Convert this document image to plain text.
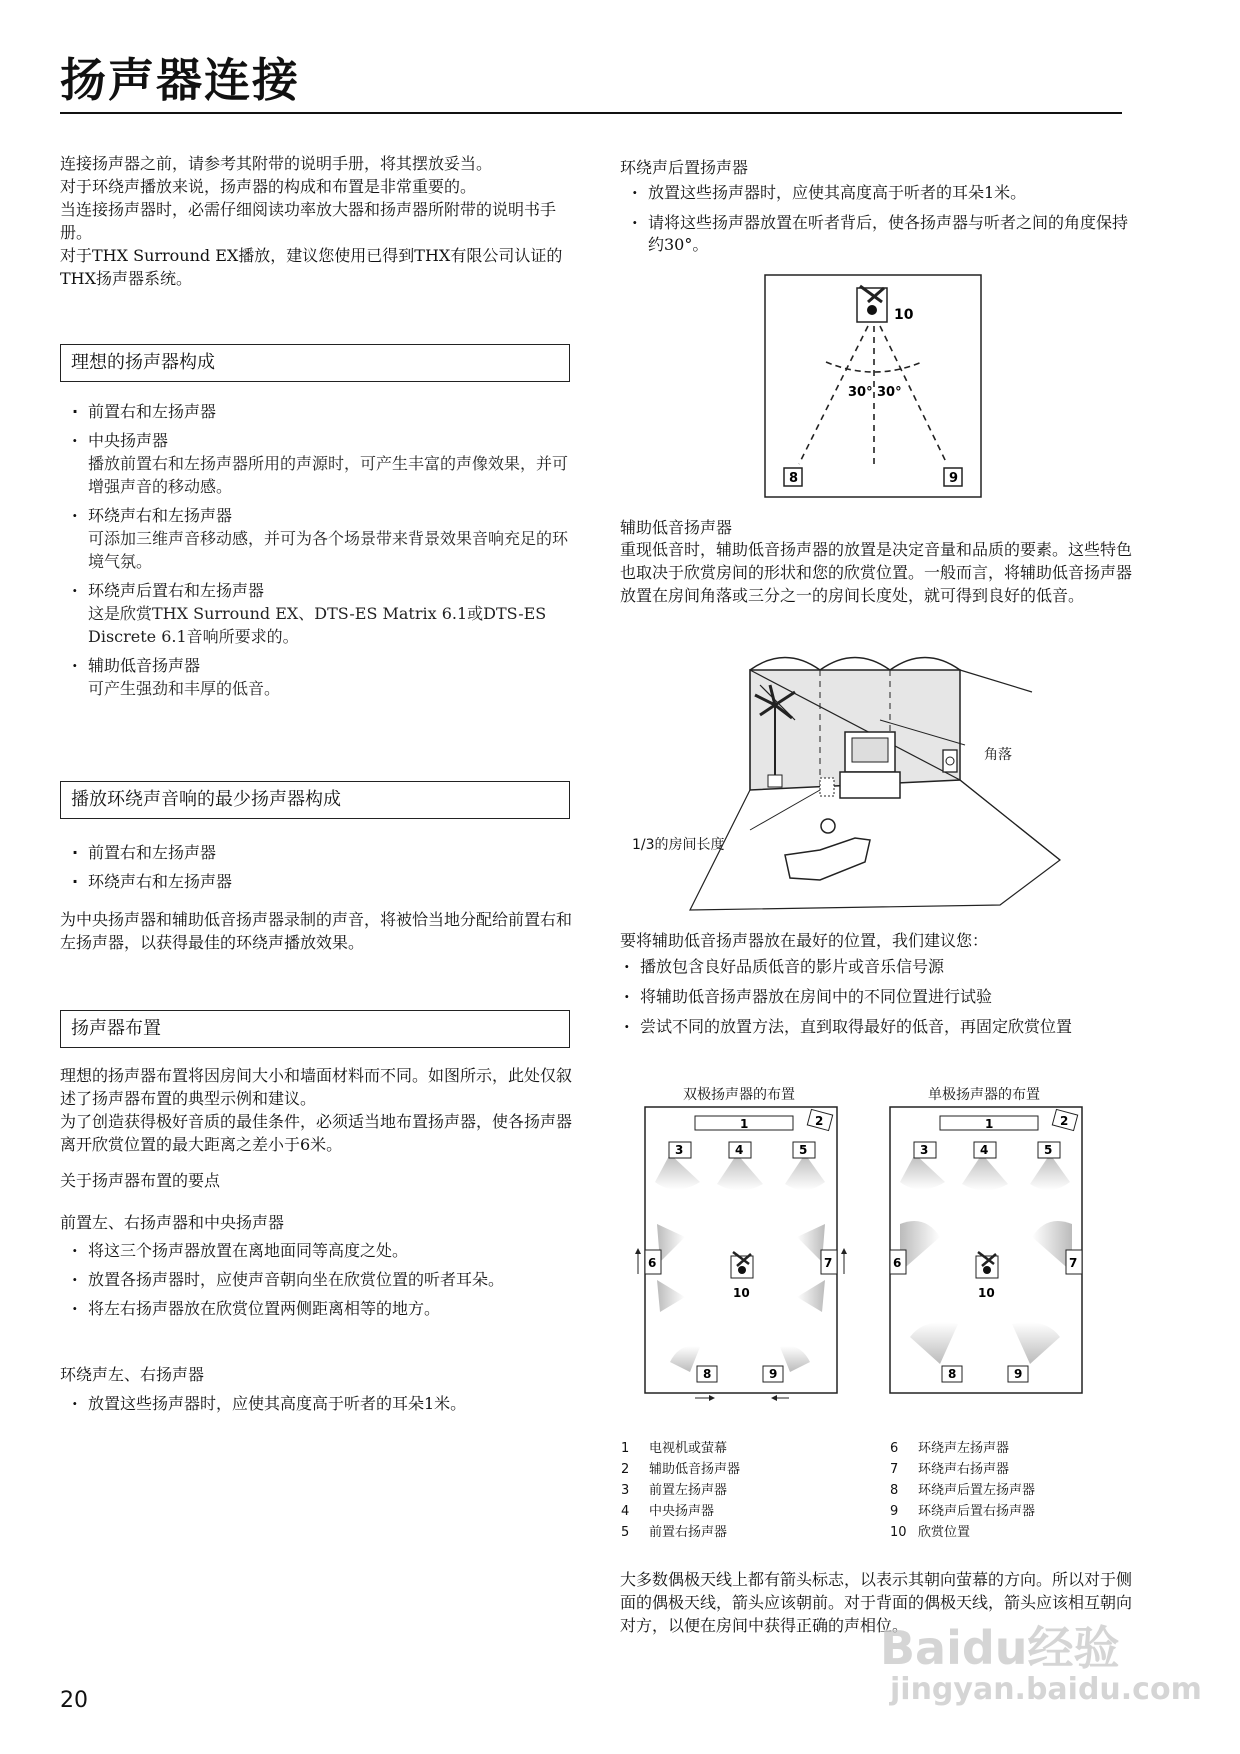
扬声器连接

连接扬声器之前，请参考其附带的说明手册，将其摆放妥当。

对于环绕声播放来说，扬声器的构成和布置是非常重要的。

当连接扬声器时，必需仔细阅读功率放大器和扬声器所附带的说明书手册。

对于THX Surround EX播放，建议您使用已得到THX有限公司认证的THX扬声器系统。

理想的扬声器构成
· 前置右和左扬声器
· 中央扬声器
播放前置右和左扬声器所用的声源时，可产生丰富的声像效果，并可增强声音的移动感。
· 环绕声右和左扬声器
可添加三维声音移动感，并可为各个场景带来背景效果音响充足的环境气氛。
· 环绕声后置右和左扬声器
这是欣赏THX Surround EX、DTS-ES Matrix 6.1或DTS-ES Discrete 6.1音响所要求的。
· 辅助低音扬声器
可产生强劲和丰厚的低音。
播放环绕声音响的最少扬声器构成
· 前置右和左扬声器
· 环绕声右和左扬声器
为中央扬声器和辅助低音扬声器录制的声音，将被恰当地分配给前置右和左扬声器，以获得最佳的环绕声播放效果。
扬声器布置
理想的扬声器布置将因房间大小和墙面材料而不同。如图所示，此处仅叙述了扬声器布置的典型示例和建议。
为了创造获得极好音质的最佳条件，必须适当地布置扬声器，使各扬声器离开欣赏位置的最大距离之差小于6米。
关于扬声器布置的要点
前置左、右扬声器和中央扬声器
· 将这三个扬声器放置在离地面同等高度之处。
· 放置各扬声器时，应使声音朝向坐在欣赏位置的听者耳朵。
· 将左右扬声器放在欣赏位置两侧距离相等的地方。
环绕声左、右扬声器
· 放置这些扬声器时，应使其高度高于听者的耳朵1米。
20
环绕声后置扬声器
· 放置这些扬声器时，应使其高度高于听者的耳朵1米。
· 请将这些扬声器放置在听者背后，使各扬声器与听者之间的角度保持约30°。
10
30° 30°
8	9
辅助低音扬声器
重现低音时，辅助低音扬声器的放置是决定音量和品质的要素。这些特色也取决于欣赏房间的形状和您的欣赏位置。一般而言，将辅助低音扬声器放置在房间角落或三分之一的房间长度处，就可得到良好的低音。
角落
1/3的房间长度
要将辅助低音扬声器放在最好的位置，我们建议您：
· 播放包含良好品质低音的影片或音乐信号源
· 将辅助低音扬声器放在房间中的不同位置进行试验
· 尝试不同的放置方法，直到取得最好的低音，再固定欣赏位置
双极扬声器的布置	单极扬声器的布置
1	2
3	4	5
6	7
8	9
10
1	2
3	4	5
6	7
8	9
10
1 电视机或萤幕
2 辅助低音扬声器
3 前置左扬声器
4 中央扬声器
5 前置右扬声器
6 环绕声左扬声器
7 环绕声右扬声器
8 环绕声后置左扬声器
9 环绕声后置右扬声器
10 欣赏位置
大多数偶极天线上都有箭头标志，以表示其朝向萤幕的方向。所以对于侧面的偶极天线，箭头应该朝前。对于背面的偶极天线，箭头应该相互朝向对方，以便在房间中获得正确的声相位。
Baidu经验
jingyan.baidu.com
